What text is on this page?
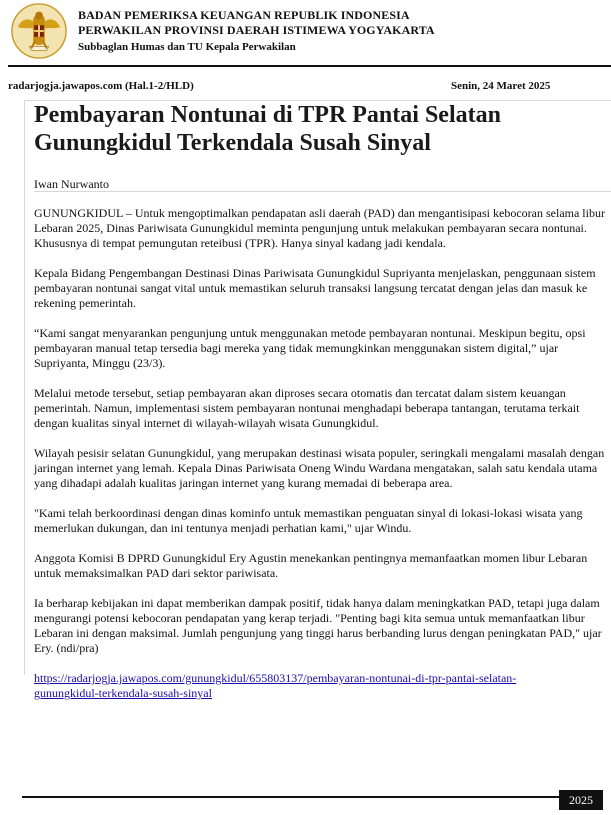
BADAN PEMERIKSA KEUANGAN REPUBLIK INDONESIA
PERWAKILAN PROVINSI DAERAH ISTIMEWA YOGYAKARTA
Subbaglan Humas dan TU Kepala Perwakilan
radarjogja.jawapos.com (Hal.1-2/HLD)	Senin, 24 Maret 2025
Pembayaran Nontunai di TPR Pantai Selatan Gunungkidul Terkendala Susah Sinyal
Iwan Nurwanto

GUNUNGKIDUL – Untuk mengoptimalkan pendapatan asli daerah (PAD) dan mengantisipasi kebocoran selama libur Lebaran 2025, Dinas Pariwisata Gunungkidul meminta pengunjung untuk melakukan pembayaran secara nontunai. Khususnya di tempat pemungutan reteibusi (TPR). Hanya sinyal kadang jadi kendala.

Kepala Bidang Pengembangan Destinasi Dinas Pariwisata Gunungkidul Supriyanta menjelaskan, penggunaan sistem pembayaran nontunai sangat vital untuk memastikan seluruh transaksi langsung tercatat dengan jelas dan masuk ke rekening pemerintah.

“Kami sangat menyarankan pengunjung untuk menggunakan metode pembayaran nontunai. Meskipun begitu, opsi pembayaran manual tetap tersedia bagi mereka yang tidak memungkinkan menggunakan sistem digital,” ujar Supriyanta, Minggu (23/3).

Melalui metode tersebut, setiap pembayaran akan diproses secara otomatis dan tercatat dalam sistem keuangan pemerintah. Namun, implementasi sistem pembayaran nontunai menghadapi beberapa tantangan, terutama terkait dengan kualitas sinyal internet di wilayah-wilayah wisata Gunungkidul.

Wilayah pesisir selatan Gunungkidul, yang merupakan destinasi wisata populer, seringkali mengalami masalah dengan jaringan internet yang lemah. Kepala Dinas Pariwisata Oneng Windu Wardana mengatakan, salah satu kendala utama yang dihadapi adalah kualitas jaringan internet yang kurang memadai di beberapa area.

"Kami telah berkoordinasi dengan dinas kominfo untuk memastikan penguatan sinyal di lokasi-lokasi wisata yang memerlukan dukungan, dan ini tentunya menjadi perhatian kami," ujar Windu.

Anggota Komisi B DPRD Gunungkidul Ery Agustin menekankan pentingnya memanfaatkan momen libur Lebaran untuk memaksimalkan PAD dari sektor pariwisata.

Ia berharap kebijakan ini dapat memberikan dampak positif, tidak hanya dalam meningkatkan PAD, tetapi juga dalam mengurangi potensi kebocoran pendapatan yang kerap terjadi. "Penting bagi kita semua untuk memanfaatkan libur Lebaran ini dengan maksimal. Jumlah pengunjung yang tinggi harus berbanding lurus dengan peningkatan PAD," ujar Ery. (ndi/pra)

https://radarjogja.jawapos.com/gunungkidul/655803137/pembayaran-nontunai-di-tpr-pantai-selatan-
gunungkidul-terkendala-susah-sinyal
2025
